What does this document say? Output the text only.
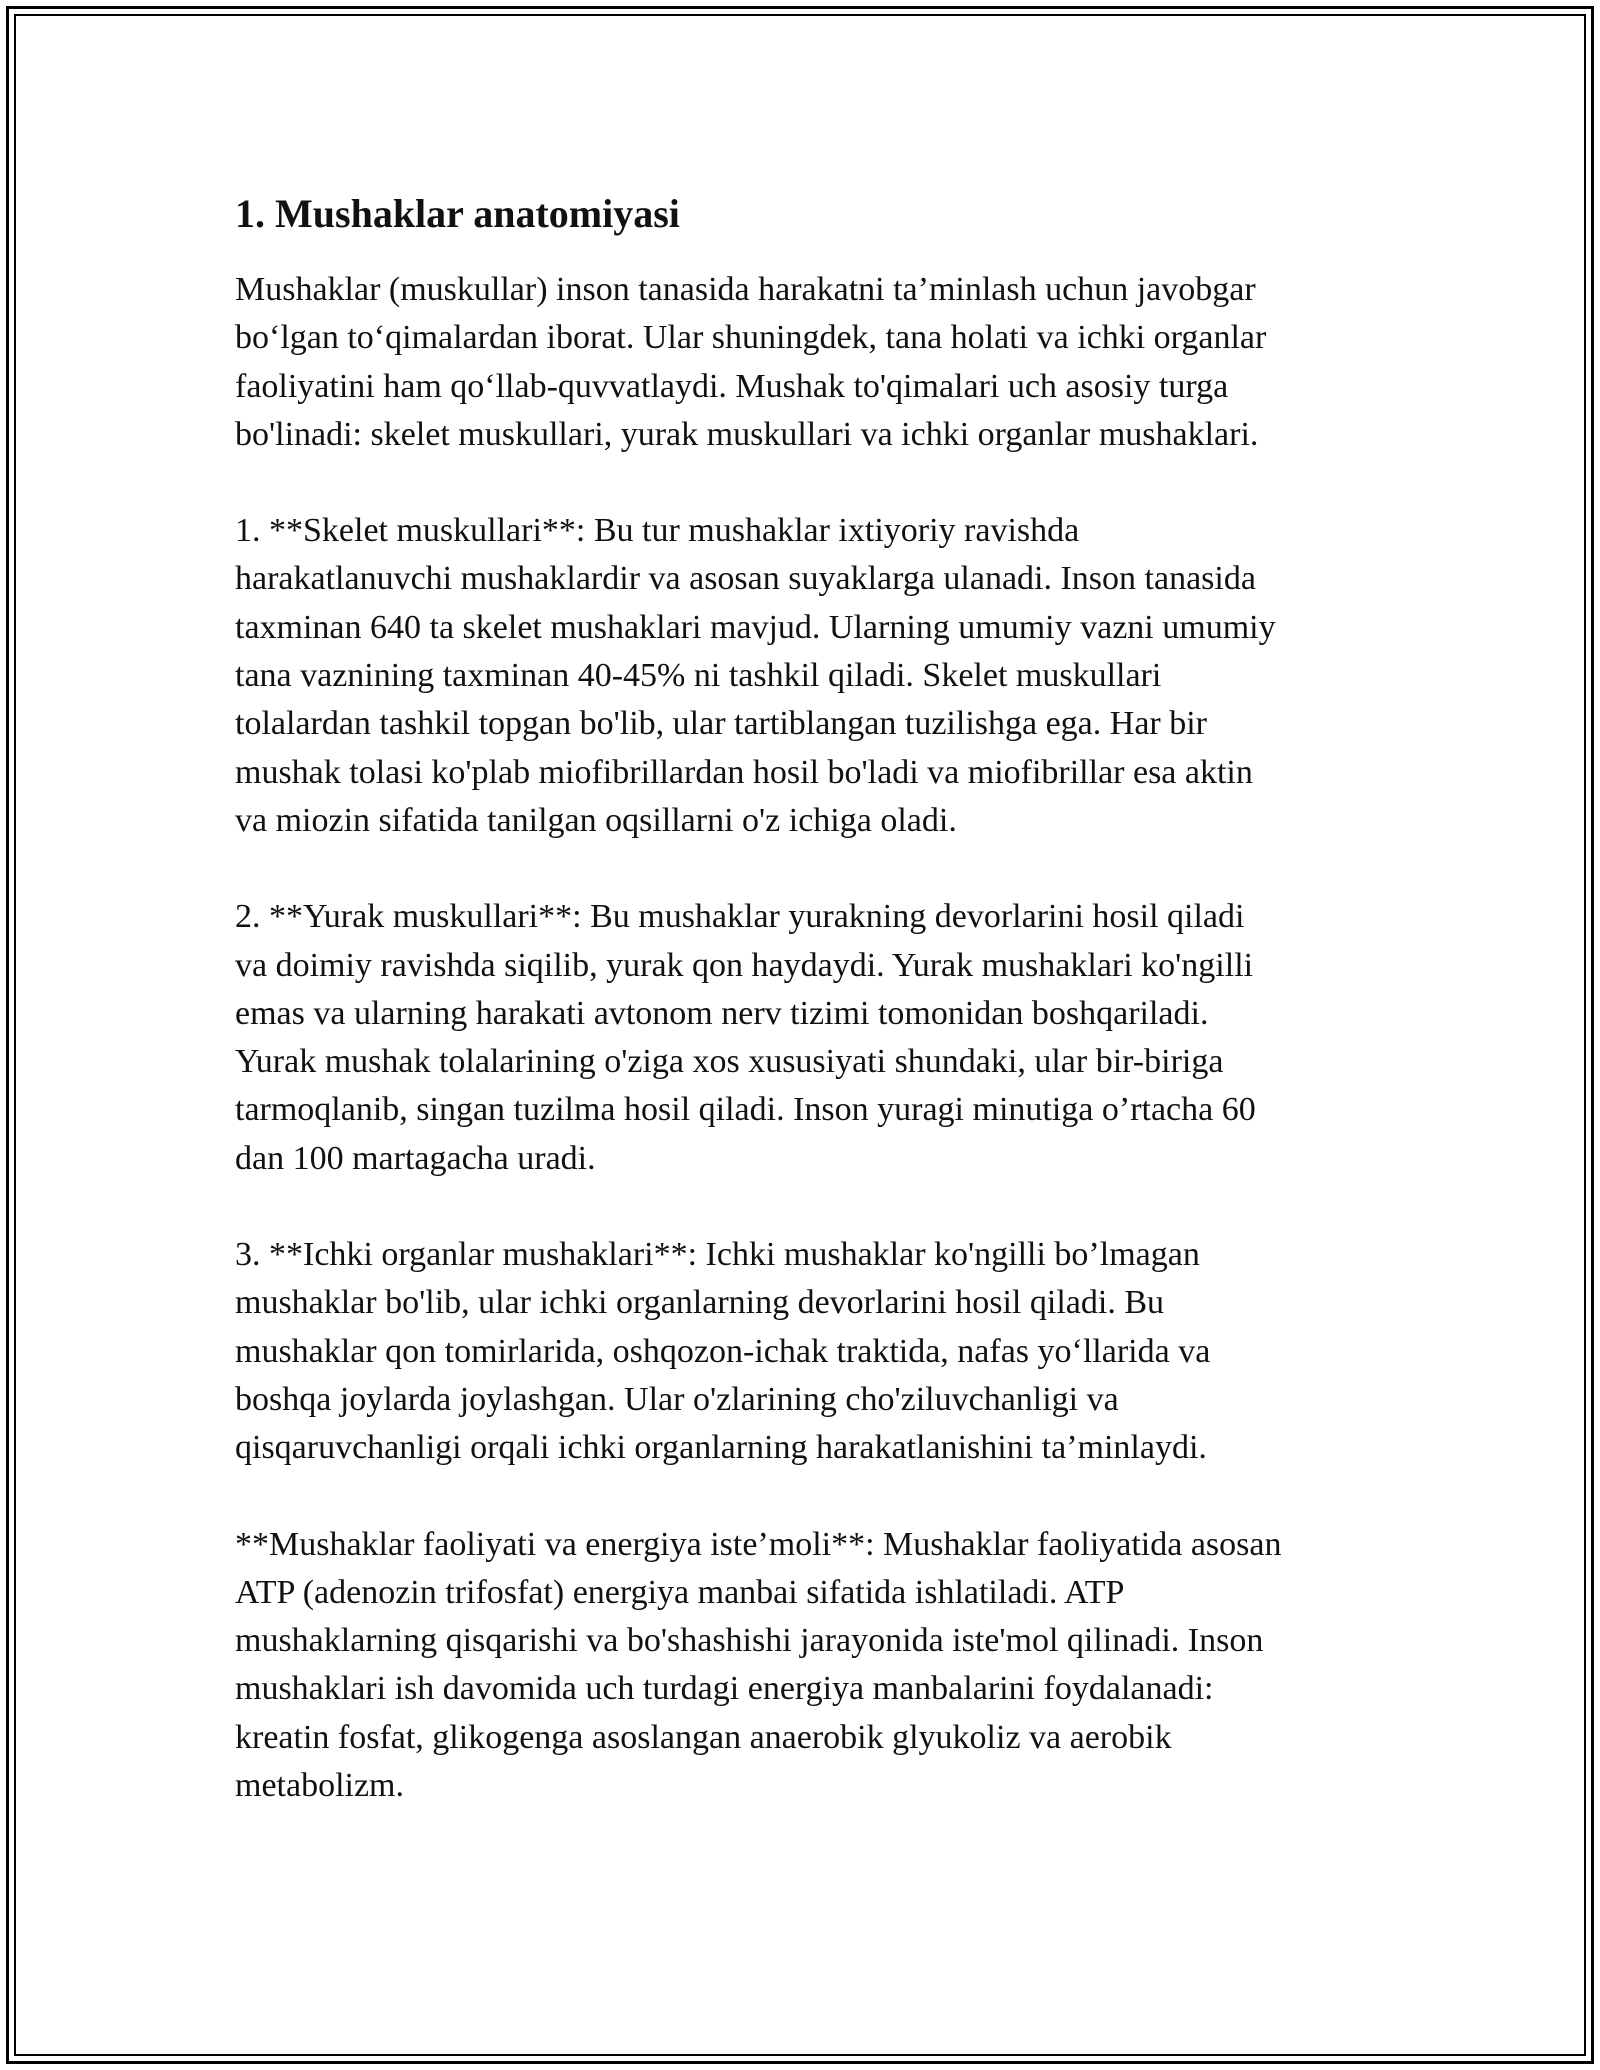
1. Mushaklar anatomiyasi

Mushaklar (muskullar) inson tanasida harakatni ta’minlash uchun javobgar
bo‘lgan to‘qimalardan iborat. Ular shuningdek, tana holati va ichki organlar
faoliyatini ham qo‘llab-quvvatlaydi. Mushak to'qimalari uch asosiy turga
bo'linadi: skelet muskullari, yurak muskullari va ichki organlar mushaklari.

1. **Skelet muskullari**: Bu tur mushaklar ixtiyoriy ravishda
harakatlanuvchi mushaklardir va asosan suyaklarga ulanadi. Inson tanasida
taxminan 640 ta skelet mushaklari mavjud. Ularning umumiy vazni umumiy
tana vaznining taxminan 40-45% ni tashkil qiladi. Skelet muskullari
tolalardan tashkil topgan bo'lib, ular tartiblangan tuzilishga ega. Har bir
mushak tolasi ko'plab miofibrillardan hosil bo'ladi va miofibrillar esa aktin
va miozin sifatida tanilgan oqsillarni o'z ichiga oladi.

2. **Yurak muskullari**: Bu mushaklar yurakning devorlarini hosil qiladi
va doimiy ravishda siqilib, yurak qon haydaydi. Yurak mushaklari ko'ngilli
emas va ularning harakati avtonom nerv tizimi tomonidan boshqariladi.
Yurak mushak tolalarining o'ziga xos xususiyati shundaki, ular bir-biriga
tarmoqlanib, singan tuzilma hosil qiladi. Inson yuragi minutiga o’rtacha 60
dan 100 martagacha uradi.

3. **Ichki organlar mushaklari**: Ichki mushaklar ko'ngilli bo’lmagan
mushaklar bo'lib, ular ichki organlarning devorlarini hosil qiladi. Bu
mushaklar qon tomirlarida, oshqozon-ichak traktida, nafas yo‘llarida va
boshqa joylarda joylashgan. Ular o'zlarining cho'ziluvchanligi va
qisqaruvchanligi orqali ichki organlarning harakatlanishini ta’minlaydi.

**Mushaklar faoliyati va energiya iste’moli**: Mushaklar faoliyatida asosan
ATP (adenozin trifosfat) energiya manbai sifatida ishlatiladi. ATP
mushaklarning qisqarishi va bo'shashishi jarayonida iste'mol qilinadi. Inson
mushaklari ish davomida uch turdagi energiya manbalarini foydalanadi:
kreatin fosfat, glikogenga asoslangan anaerobik glyukoliz va aerobik
metabolizm.
